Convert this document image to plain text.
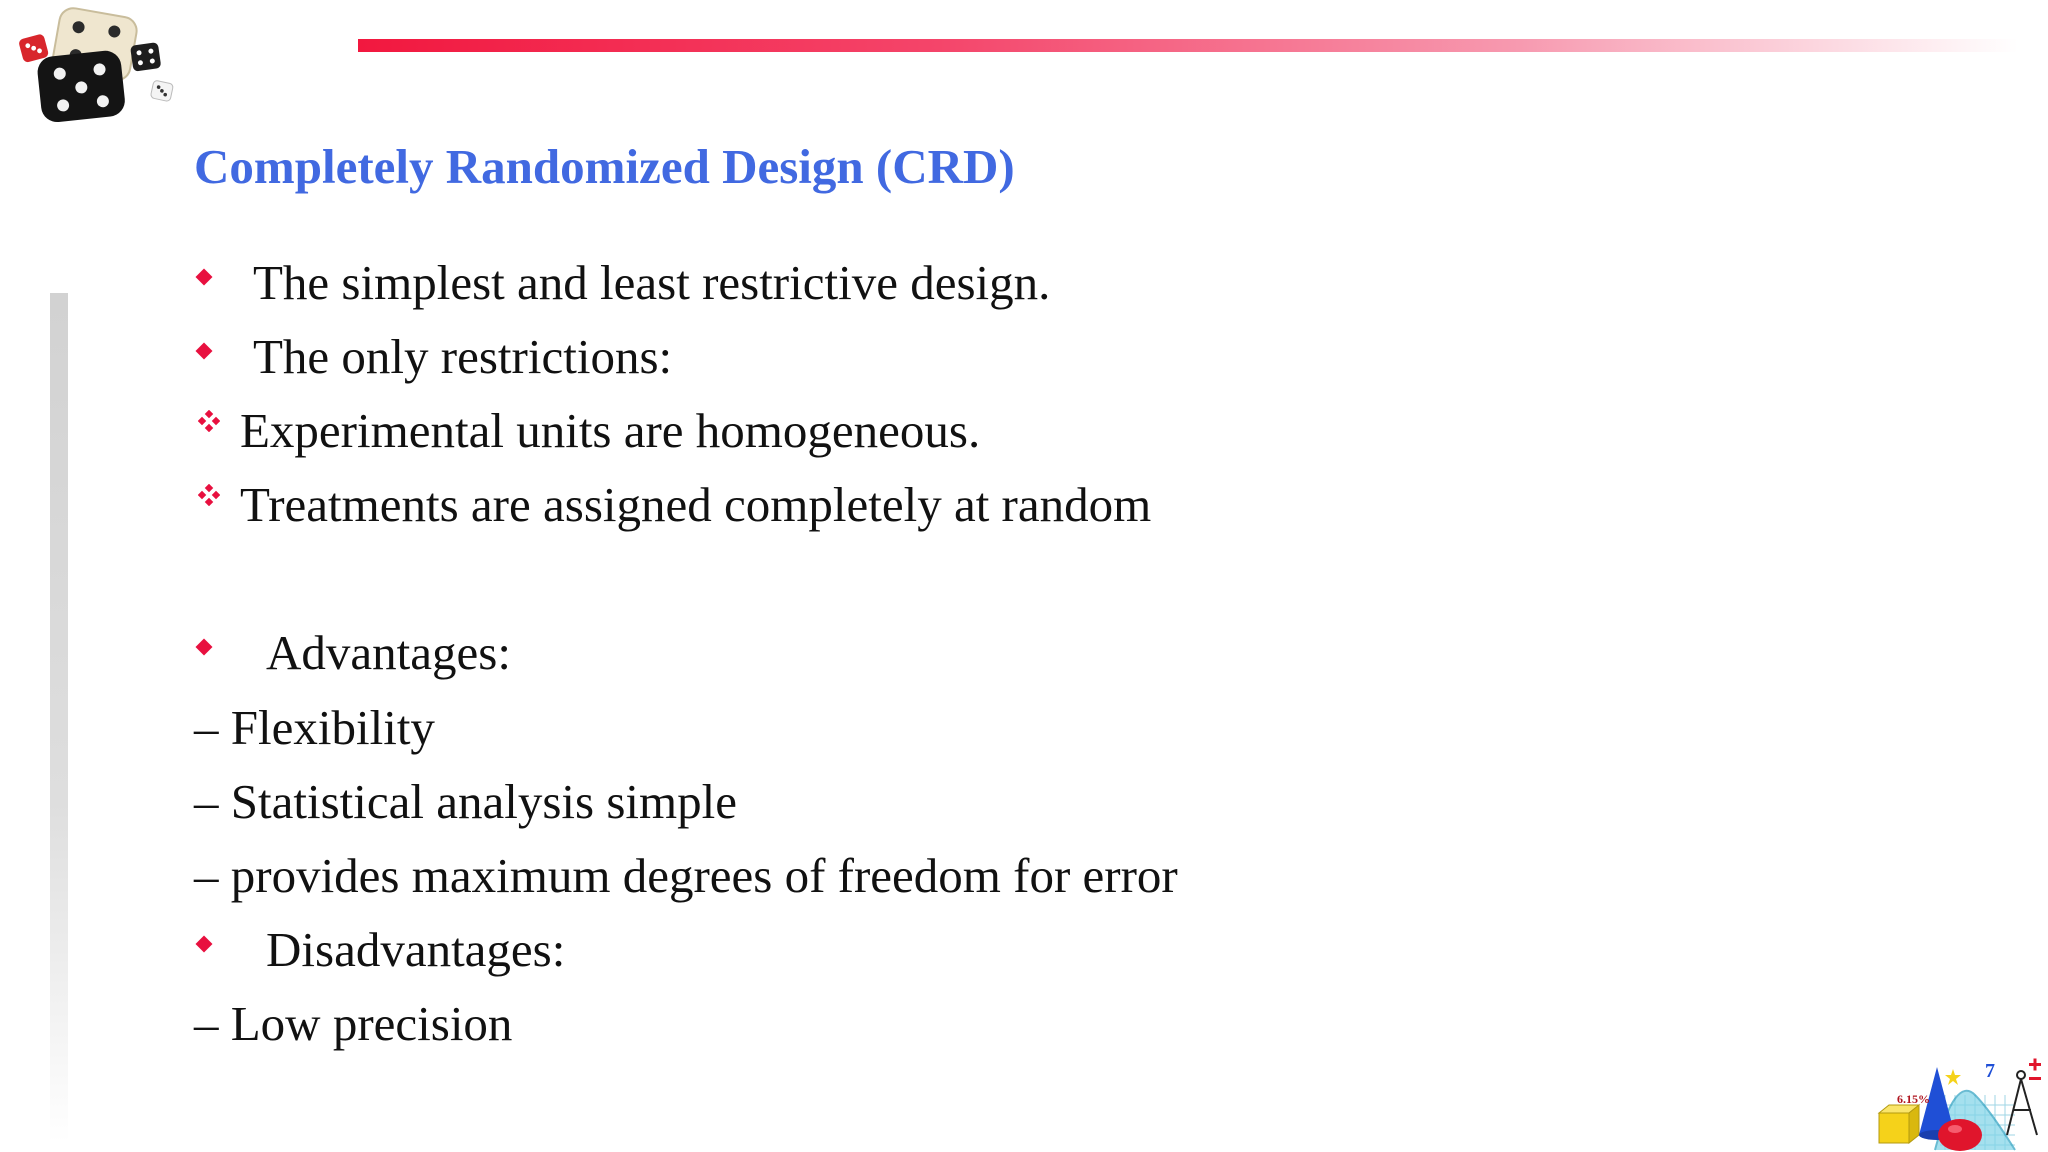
Completely Randomized Design (CRD)
The simplest and least restrictive design.
The only restrictions:
Experimental units are homogeneous.
Treatments are assigned completely at random
Advantages:
– Flexibility
– Statistical analysis simple
– provides maximum degrees of freedom for error
Disadvantages:
– Low precision
6.15%
7
